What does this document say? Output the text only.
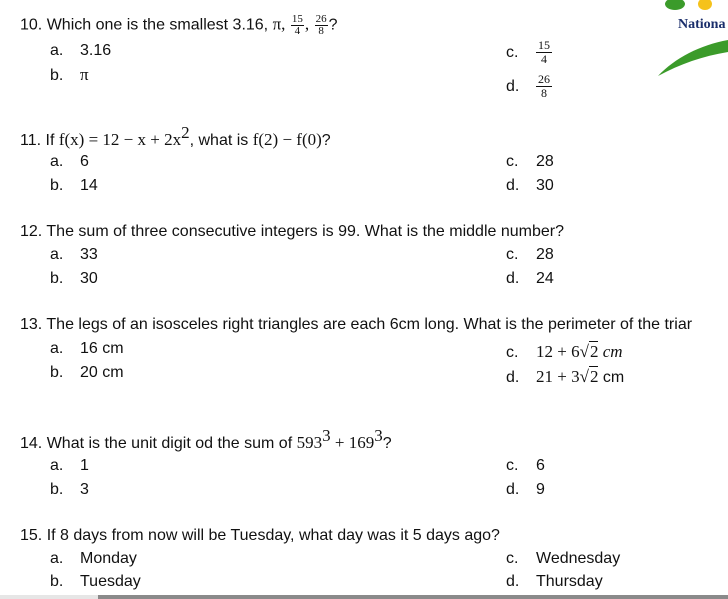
Nationa
10. Which one is the smallest 3.16, π, $\frac{15}{4}$ , $\frac{26}{8}$ ?
a. 3.16
b. π
c. $\frac{15}{4}$
d. $\frac{26}{8}$
11. If $f(x) = 12 - x + 2x^2$, what is f(2) − f(0)?
a. 6
b. 14
c. 28
d. 30
12. The sum of three consecutive integers is 99. What is the middle number?
a. 33
b. 30
c. 28
d. 24
13. The legs of an isosceles right triangles are each 6cm long. What is the perimeter of the triar
a. 16 cm
b. 20 cm
c. 12 + 6√2 cm
d. 21 + 3√2 cm
14. What is the unit digit od the sum of $593^3 + 169^3$?
a. 1
b. 3
c. 6
d. 9
15. If 8 days from now will be Tuesday, what day was it 5 days ago?
a. Monday
b. Tuesday
c. Wednesday
d. Thursday
